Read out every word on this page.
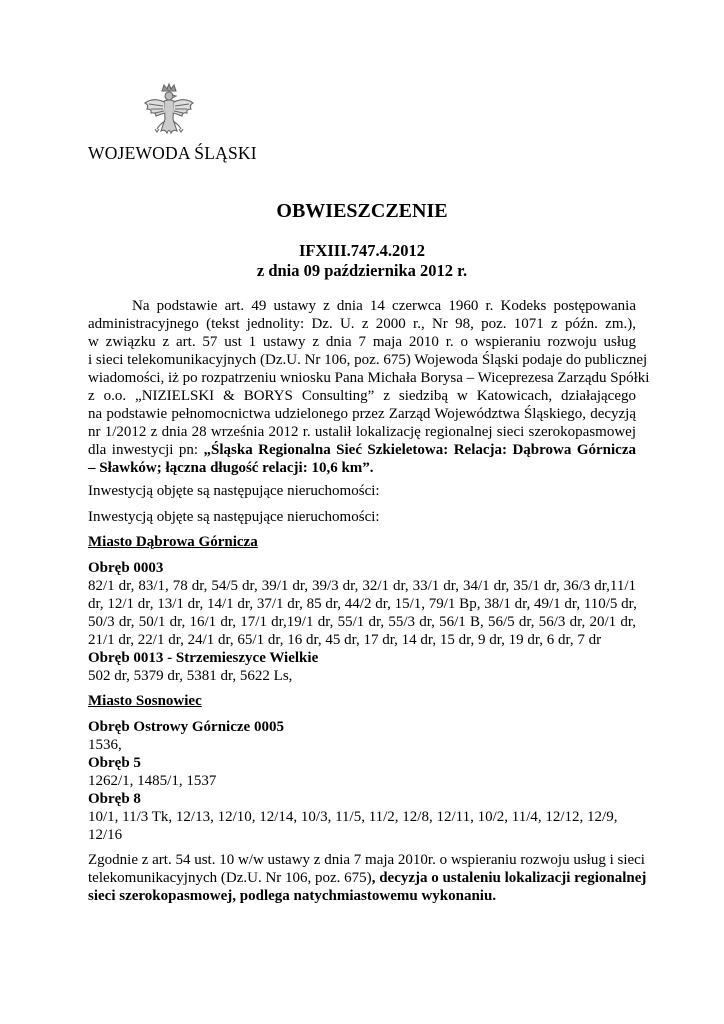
WOJEWODA ŚLĄSKI
OBWIESZCZENIE
IFXIII.747.4.2012
z dnia 09 października 2012 r.
Na podstawie art. 49 ustawy z dnia 14 czerwca 1960 r. Kodeks postępowania
administracyjnego (tekst jednolity: Dz. U. z 2000 r., Nr 98, poz. 1071 z późn. zm.),
w związku z art. 57 ust 1 ustawy z dnia 7 maja 2010 r. o wspieraniu rozwoju usług
i sieci telekomunikacyjnych (Dz.U. Nr 106, poz. 675) Wojewoda Śląski podaje do publicznej
wiadomości, iż po rozpatrzeniu wniosku Pana Michała Borysa – Wiceprezesa Zarządu Spółki
z o.o. „NIZIELSKI & BORYS Consulting” z siedzibą w Katowicach, działającego
na podstawie pełnomocnictwa udzielonego przez Zarząd Województwa Śląskiego, decyzją
nr 1/2012 z dnia 28 września 2012 r. ustalił lokalizację regionalnej sieci szerokopasmowej
dla inwestycji pn: „Śląska Regionalna Sieć Szkieletowa: Relacja: Dąbrowa Górnicza
– Sławków; łączna długość relacji: 10,6 km”.
Inwestycją objęte są następujące nieruchomości:
Inwestycją objęte są następujące nieruchomości:
Miasto Dąbrowa Górnicza
Obręb 0003
82/1 dr, 83/1, 78 dr, 54/5 dr, 39/1 dr, 39/3 dr, 32/1 dr, 33/1 dr, 34/1 dr, 35/1 dr, 36/3 dr,11/1
dr, 12/1 dr, 13/1 dr, 14/1 dr, 37/1 dr, 85 dr, 44/2 dr, 15/1, 79/1 Bp, 38/1 dr, 49/1 dr, 110/5 dr,
50/3 dr, 50/1 dr, 16/1 dr, 17/1 dr,19/1 dr, 55/1 dr, 55/3 dr, 56/1 B, 56/5 dr, 56/3 dr, 20/1 dr,
21/1 dr, 22/1 dr, 24/1 dr, 65/1 dr, 16 dr, 45 dr, 17 dr, 14 dr, 15 dr, 9 dr, 19 dr, 6 dr, 7 dr
Obręb 0013 - Strzemieszyce Wielkie
502 dr, 5379 dr, 5381 dr, 5622 Ls,
Miasto Sosnowiec
Obręb Ostrowy Górnicze 0005
1536,
Obręb 5
1262/1, 1485/1, 1537
Obręb 8
10/1, 11/3 Tk, 12/13, 12/10, 12/14, 10/3, 11/5, 11/2, 12/8, 12/11, 10/2, 11/4, 12/12, 12/9,
12/16
Zgodnie z art. 54 ust. 10 w/w ustawy z dnia 7 maja 2010r. o wspieraniu rozwoju usług i sieci
telekomunikacyjnych (Dz.U. Nr 106, poz. 675), decyzja o ustaleniu lokalizacji regionalnej
sieci szerokopasmowej, podlega natychmiastowemu wykonaniu.
